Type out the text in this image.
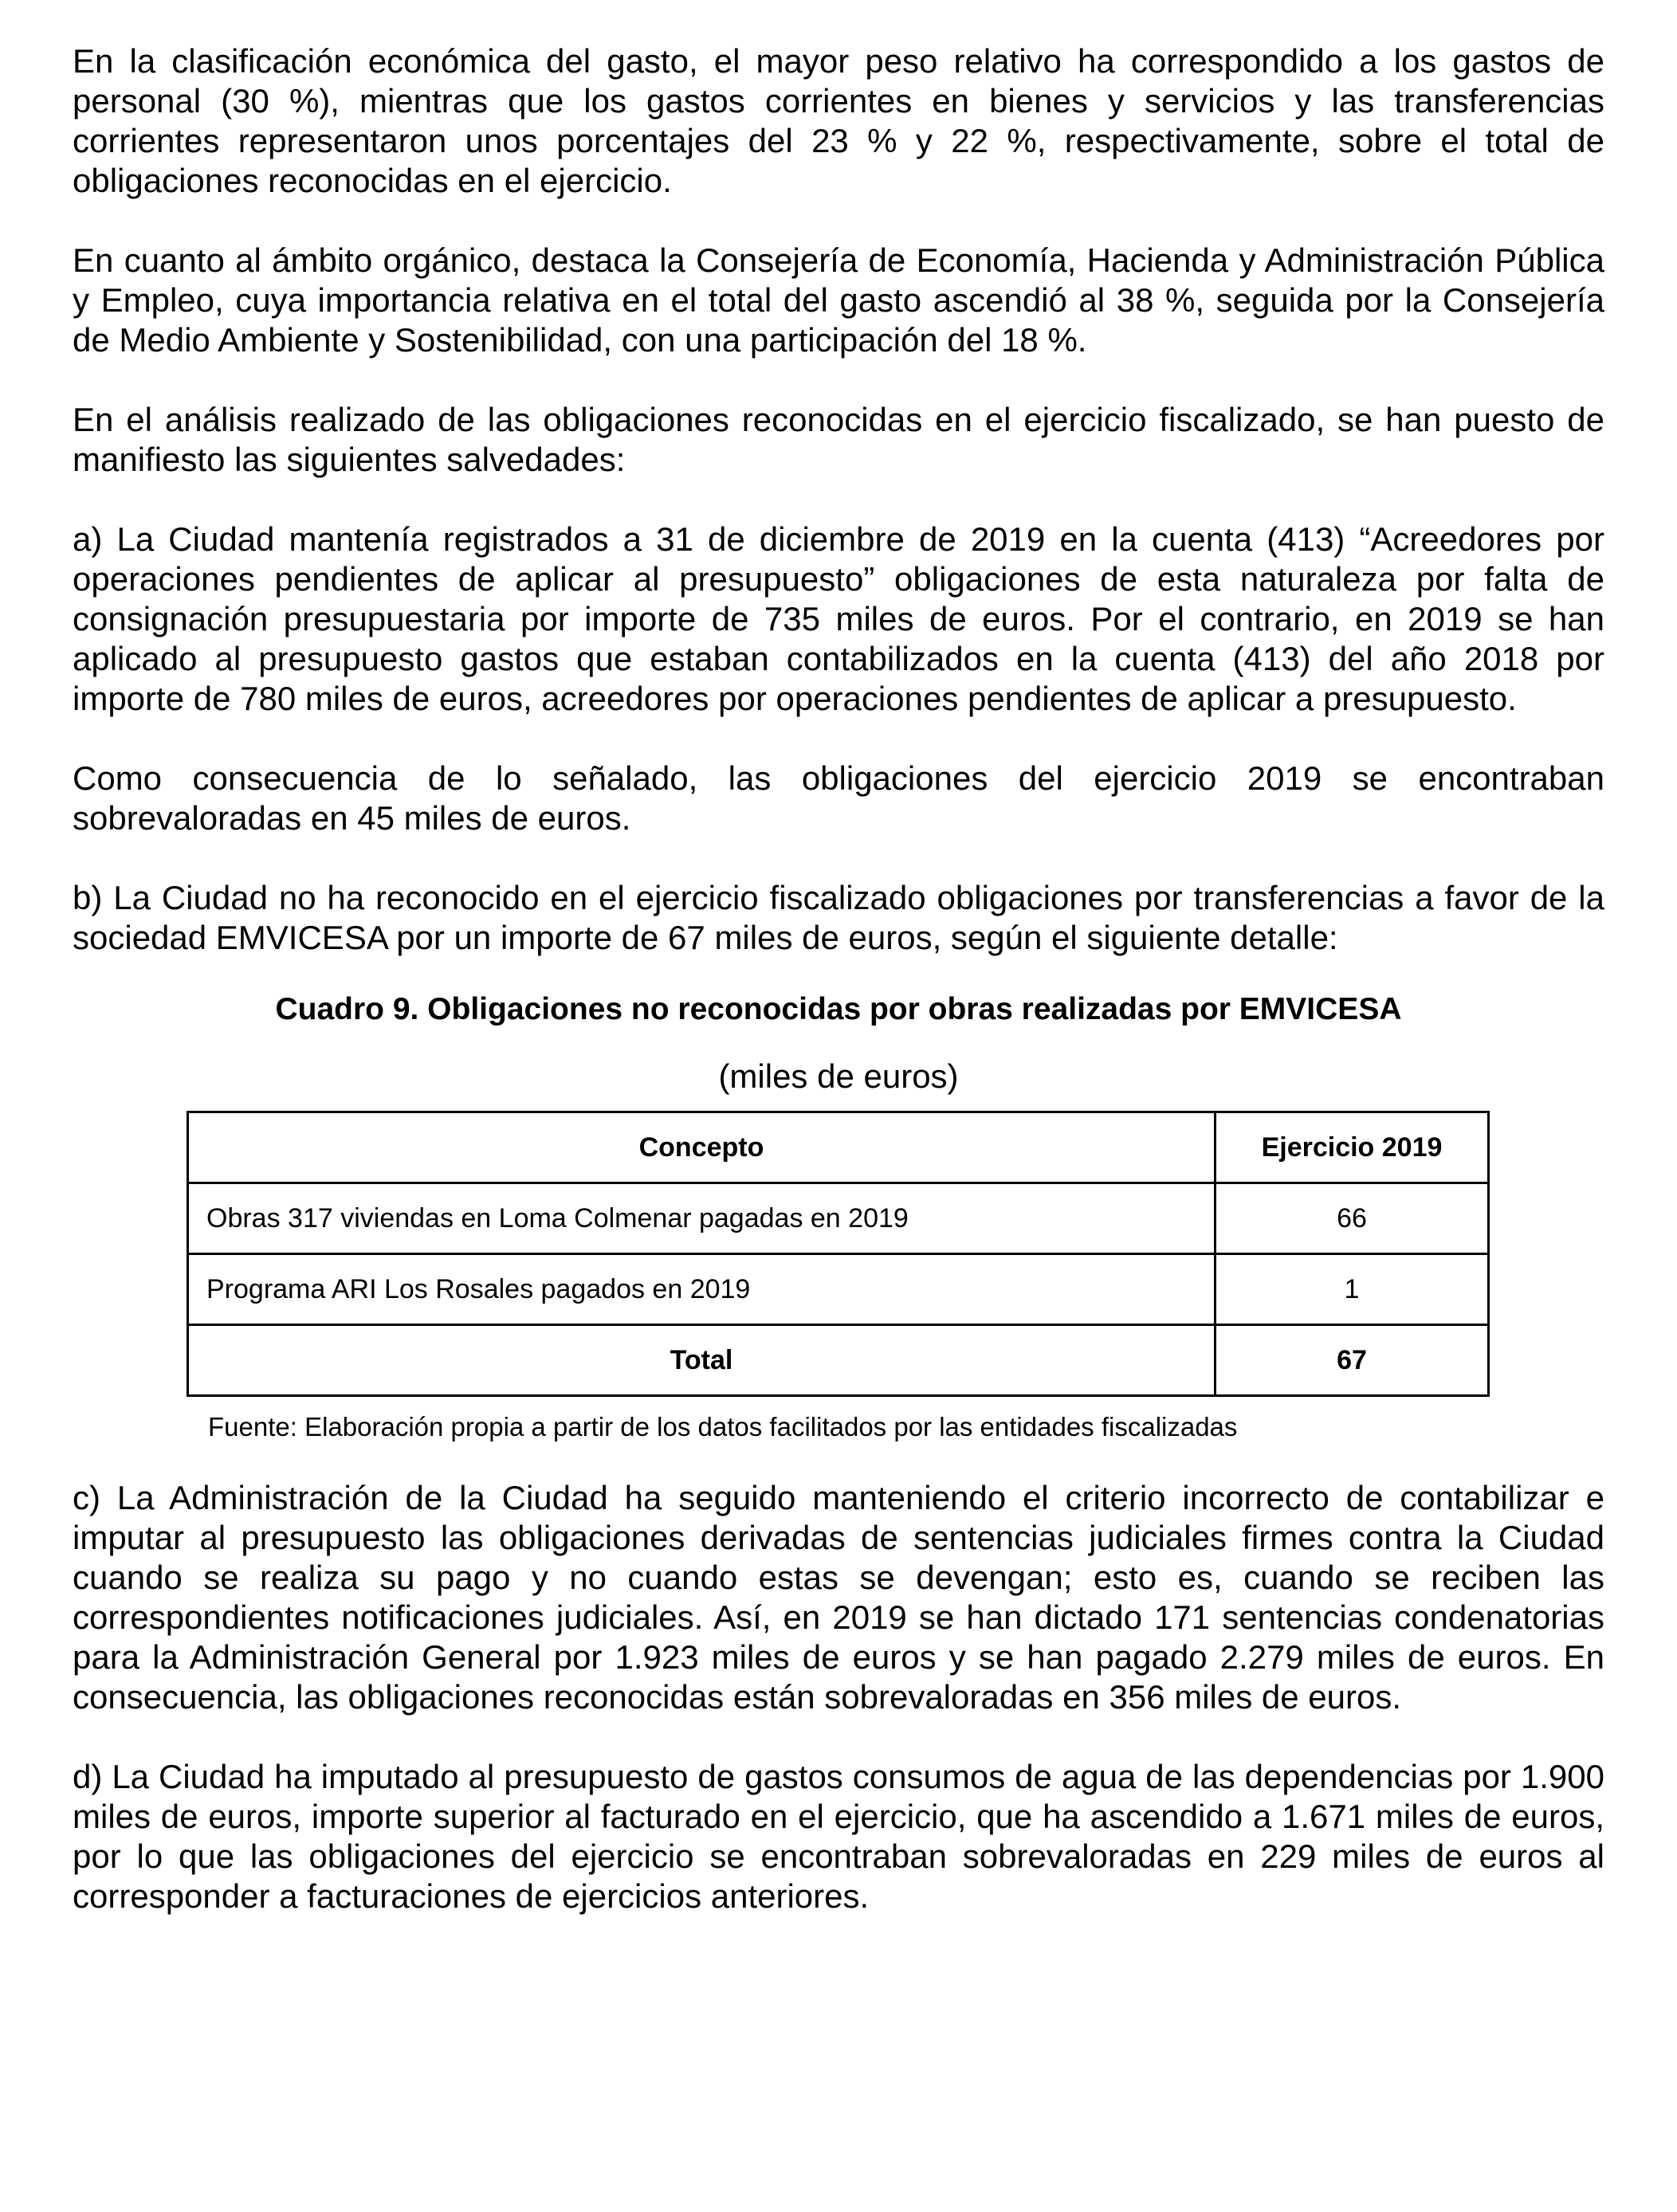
En la clasificación económica del gasto, el mayor peso relativo ha correspondido a los gastos de personal (30 %), mientras que los gastos corrientes en bienes y servicios y las transferencias corrientes representaron unos porcentajes del 23 % y 22 %, respectivamente, sobre el total de obligaciones reconocidas en el ejercicio.

En cuanto al ámbito orgánico, destaca la Consejería de Economía, Hacienda y Administración Pública y Empleo, cuya importancia relativa en el total del gasto ascendió al 38 %, seguida por la Consejería de Medio Ambiente y Sostenibilidad, con una participación del 18 %.

En el análisis realizado de las obligaciones reconocidas en el ejercicio fiscalizado, se han puesto de manifiesto las siguientes salvedades:

a) La Ciudad mantenía registrados a 31 de diciembre de 2019 en la cuenta (413) “Acreedores por operaciones pendientes de aplicar al presupuesto” obligaciones de esta naturaleza por falta de consignación presupuestaria por importe de 735 miles de euros. Por el contrario, en 2019 se han aplicado al presupuesto gastos que estaban contabilizados en la cuenta (413) del año 2018 por importe de 780 miles de euros, acreedores por operaciones pendientes de aplicar a presupuesto.

Como consecuencia de lo señalado, las obligaciones del ejercicio 2019 se encontraban sobrevaloradas en 45 miles de euros.

b) La Ciudad no ha reconocido en el ejercicio fiscalizado obligaciones por transferencias a favor de la sociedad EMVICESA por un importe de 67 miles de euros, según el siguiente detalle:

Cuadro 9. Obligaciones no reconocidas por obras realizadas por EMVICESA

(miles de euros)

Concepto	Ejercicio 2019
Obras 317 viviendas en Loma Colmenar pagadas en 2019	66
Programa ARI Los Rosales pagados en 2019	1
Total	67

Fuente: Elaboración propia a partir de los datos facilitados por las entidades fiscalizadas

c) La Administración de la Ciudad ha seguido manteniendo el criterio incorrecto de contabilizar e imputar al presupuesto las obligaciones derivadas de sentencias judiciales firmes contra la Ciudad cuando se realiza su pago y no cuando estas se devengan; esto es, cuando se reciben las correspondientes notificaciones judiciales. Así, en 2019 se han dictado 171 sentencias condenatorias para la Administración General por 1.923 miles de euros y se han pagado 2.279 miles de euros. En consecuencia, las obligaciones reconocidas están sobrevaloradas en 356 miles de euros.

d) La Ciudad ha imputado al presupuesto de gastos consumos de agua de las dependencias por 1.900 miles de euros, importe superior al facturado en el ejercicio, que ha ascendido a 1.671 miles de euros, por lo que las obligaciones del ejercicio se encontraban sobrevaloradas en 229 miles de euros al corresponder a facturaciones de ejercicios anteriores.
